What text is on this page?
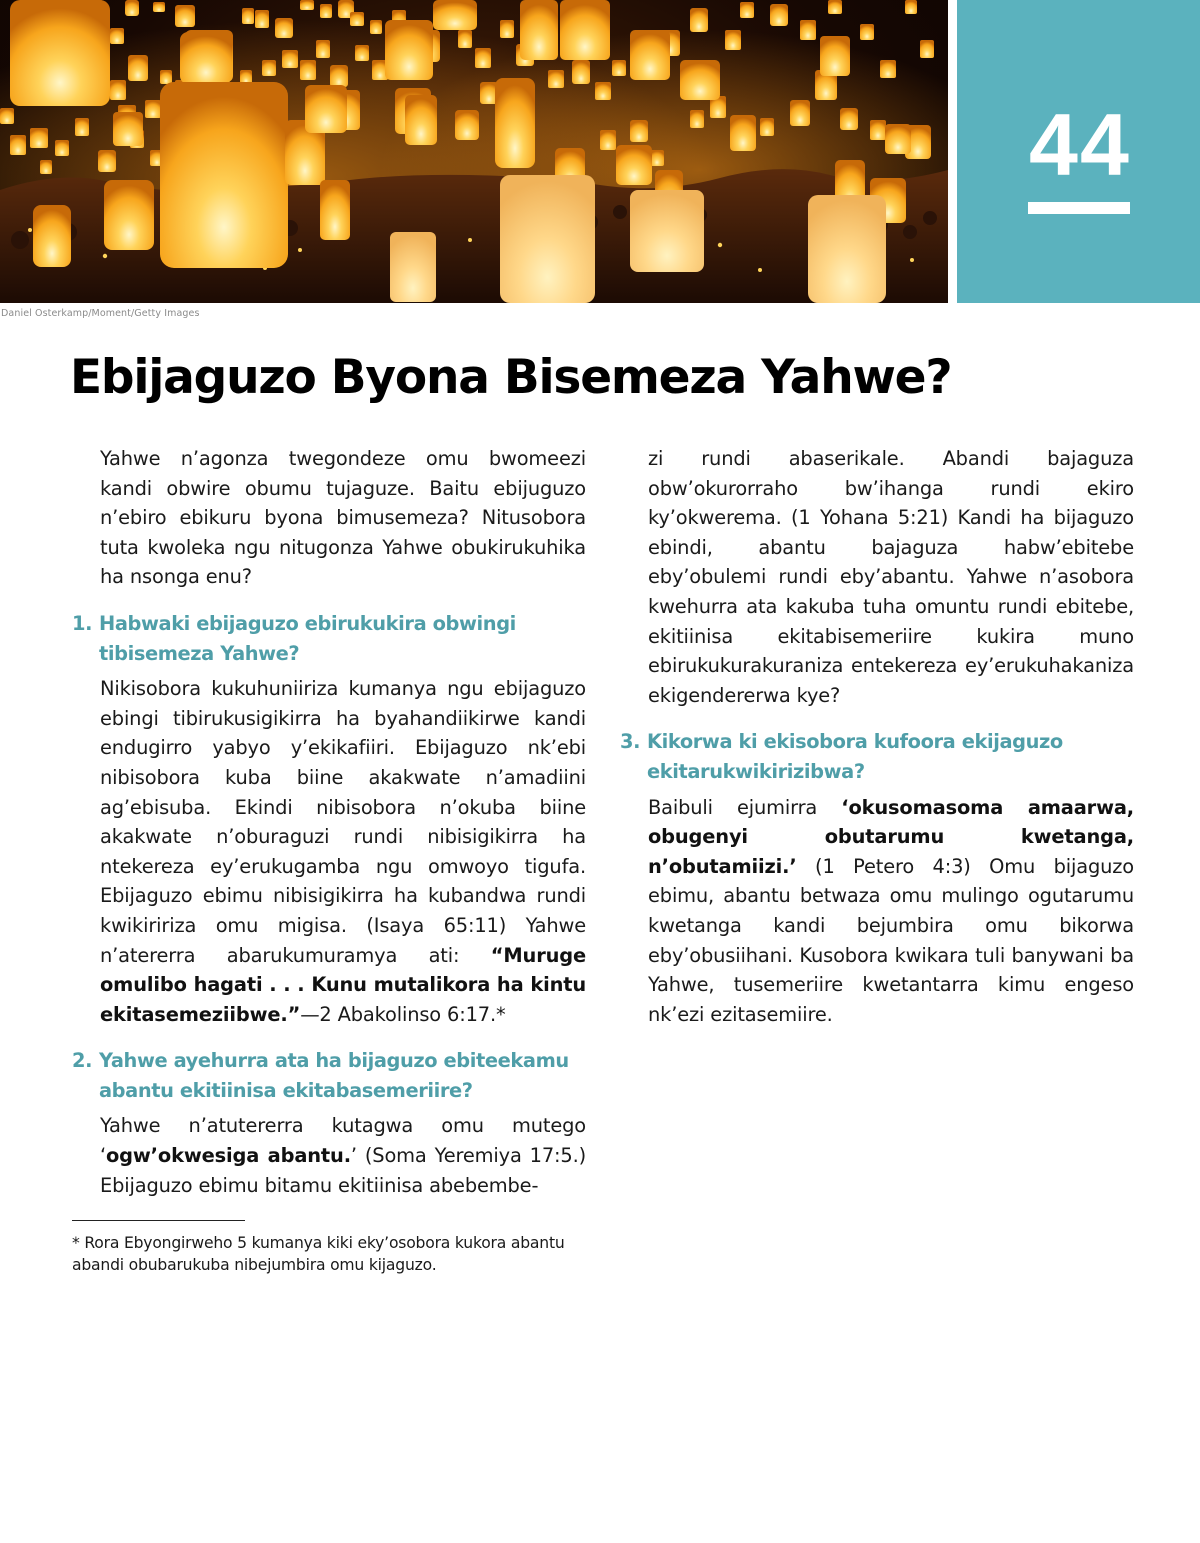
44
Daniel Osterkamp/Moment/Getty Images
Ebijaguzo Byona Bisemeza Yahwe?

Yahwe n’agonza twegondeze omu bwomeezi kandi obwire obumu tujaguze. Baitu ebijuguzo n’ebiro ebikuru byona bimusemeza? Nitusobora tuta kwoleka ngu nitugonza Yahwe obukirukuhika ha nsonga enu?

1. Habwaki ebijaguzo ebirukukira obwingi tibisemeza Yahwe?

Nikisobora kukuhuniiriza kumanya ngu ebijaguzo ebingi tibirukusigikirra ha byahandiikirwe kandi endugirro yabyo y’ekikafiiri. Ebijaguzo nk’ebi nibisobora kuba biine akakwate n’amadiini ag’ebisuba. Ekindi nibisobora n’okuba biine akakwate n’oburaguzi rundi nibisigikirra ha ntekereza ey’erukugamba ngu omwoyo tigufa. Ebijaguzo ebimu nibisigikirra ha kubandwa rundi kwikiririza omu migisa. (Isaya 65:11) Yahwe n’atererra abarukumuramya ati: “Muruge omulibo hagati . . . Kunu mutalikora ha kintu ekitasemeziibwe.”—2 Abakolinso 6:17.*

2. Yahwe ayehurra ata ha bijaguzo ebiteekamu abantu ekitiinisa ekitabasemeriire?

Yahwe n’atutererra kutagwa omu mutego ‘ogw’okwesiga abantu.’ (Soma Yeremiya 17:5.) Ebijaguzo ebimu bitamu ekitiinisa abebembe-

zi rundi abaserikale. Abandi bajaguza obw’okurorraho bw’ihanga rundi ekiro ky’okwerema. (1 Yohana 5:21) Kandi ha bijaguzo ebindi, abantu bajaguza habw’ebitebe eby’obulemi rundi eby’abantu. Yahwe n’asobora kwehurra ata kakuba tuha omuntu rundi ebitebe, ekitiinisa ekitabisemeriire kukira muno ebirukukurakuraniza entekereza ey’erukuhakaniza ekigendererwa kye?

3. Kikorwa ki ekisobora kufoora ekijaguzo ekitarukwikirizibwa?

Baibuli ejumirra ‘okusomasoma amaarwa, obugenyi obutarumu kwetanga, n’obutamiizi.’ (1 Petero 4:3) Omu bijaguzo ebimu, abantu betwaza omu mulingo ogutarumu kwetanga kandi bejumbira omu bikorwa eby’obusiihani. Kusobora kwikara tuli banywani ba Yahwe, tusemeriire kwetantarra kimu engeso nk’ezi ezitasemiire.

* Rora Ebyongirweho 5 kumanya kiki eky’osobora kukora abantu abandi obubarukuba nibejumbira omu kijaguzo.
